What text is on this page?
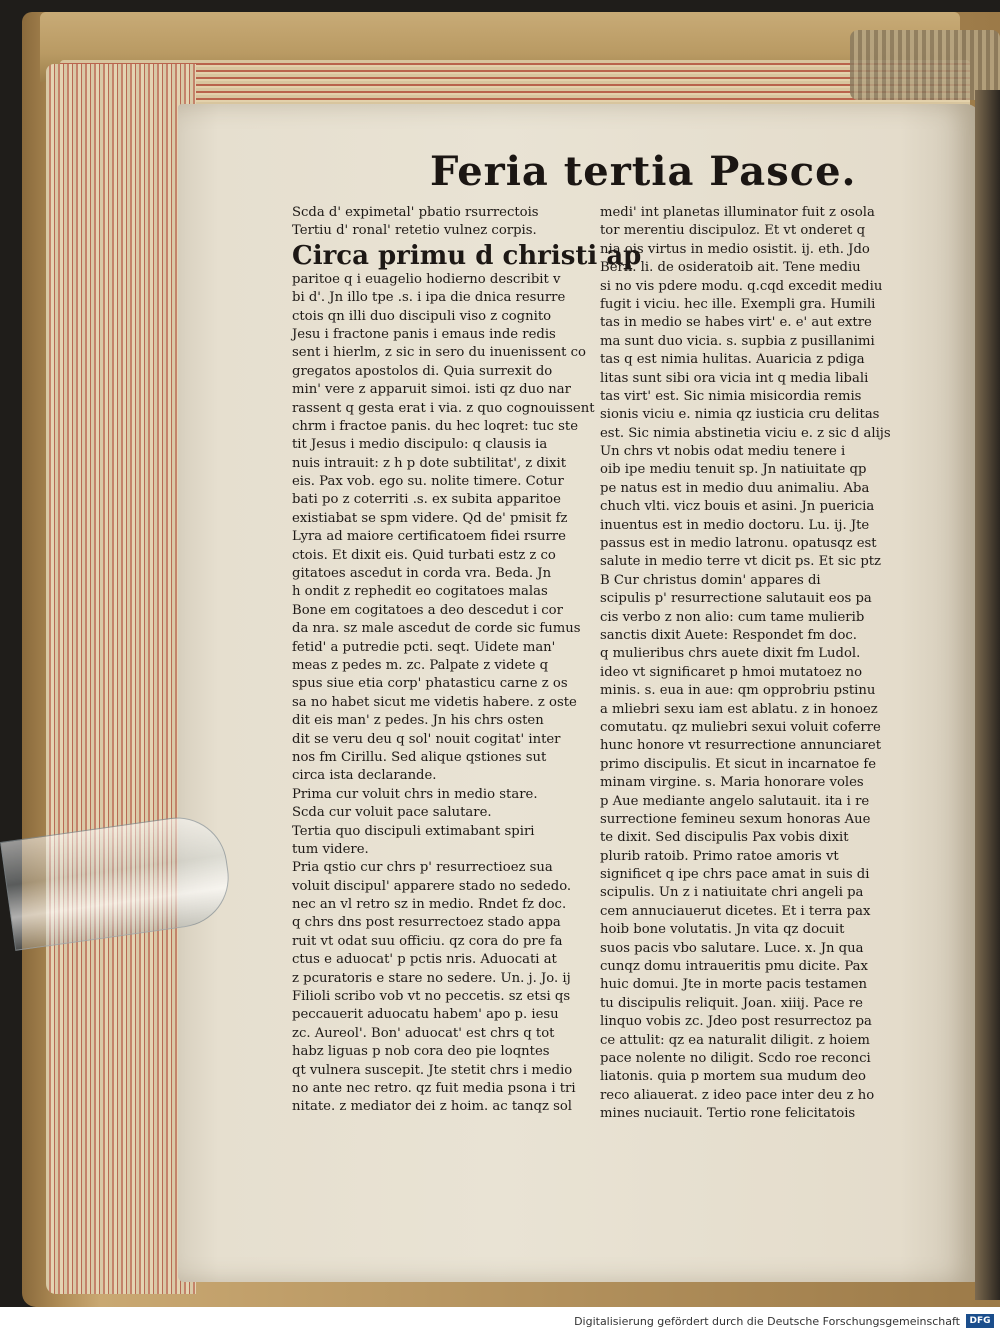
Feria tertia Pasce.
Scda d' expimetal' pbatio rsurrectois
Tertiu d' ronal' retetio vulnez corpis.
Circa primu d christi ap
paritoe q i euagelio hodierno describit v
bi d'. Jn illo tpe .s. i ipa die dnica resurre
ctois qn illi duo discipuli viso z cognito
Jesu i fractone panis i emaus inde redis
sent i hierlm, z sic in sero du inuenissent co
gregatos apostolos di. Quia surrexit do
min' vere z apparuit simoi. isti qz duo nar
rassent q gesta erat i via. z quo cognouissent
chrm i fractoe panis. du hec loqret: tuc ste
tit Jesus i medio discipulo: q clausis ia
nuis intrauit: z h p dote subtilitat', z dixit
eis. Pax vob. ego su. nolite timere. Cotur
bati po z coterriti .s. ex subita apparitoe
existiabat se spm videre. Qd de' pmisit fz
Lyra ad maiore certificatoem fidei rsurre
ctois. Et dixit eis. Quid turbati estz z co
gitatoes ascedut in corda vra. Beda. Jn
h ondit z rephedit eo cogitatoes malas
Bone em cogitatoes a deo descedut i cor
da nra. sz male ascedut de corde sic fumus
fetid' a putredie pcti. seqt. Uidete man'
meas z pedes m. zc. Palpate z videte q
spus siue etia corp' phatasticu carne z os
sa no habet sicut me videtis habere. z oste
dit eis man' z pedes. Jn his chrs osten
dit se veru deu q sol' nouit cogitat' inter
nos fm Cirillu. Sed alique qstiones sut
circa ista declarande.
Prima cur voluit chrs in medio stare.
Scda cur voluit pace salutare.
Tertia quo discipuli extimabant spiri
tum videre.
Pria qstio cur chrs p' resurrectioez sua
voluit discipul' apparere stado no sededo.
nec an vl retro sz in medio. Rndet fz doc.
q chrs dns post resurrectoez stado appa
ruit vt odat suu officiu. qz cora do pre fa
ctus e aduocat' p pctis nris. Aduocati at
z pcuratoris e stare no sedere. Un. j. Jo. ij
Filioli scribo vob vt no peccetis. sz etsi qs
peccauerit aduocatu habem' apo p. iesu
zc. Aureol'. Bon' aduocat' est chrs q tot
habz liguas p nob cora deo pie loqntes
qt vulnera suscepit. Jte stetit chrs i medio
no ante nec retro. qz fuit media psona i tri
nitate. z mediator dei z hoim. ac tanqz sol
medi' int planetas illuminator fuit z osola
tor merentiu discipuloz. Et vt onderet q
nia ois virtus in medio osistit. ij. eth. Jdo
Bern. li. de osideratoib ait. Tene mediu
si no vis pdere modu. q.cqd excedit mediu
fugit i viciu. hec ille. Exempli gra. Humili
tas in medio se habes virt' e. e' aut extre
ma sunt duo vicia. s. supbia z pusillanimi
tas q est nimia hulitas. Auaricia z pdiga
litas sunt sibi ora vicia int q media libali
tas virt' est. Sic nimia misicordia remis
sionis viciu e. nimia qz iusticia cru delitas
est. Sic nimia abstinetia viciu e. z sic d alijs
Un chrs vt nobis odat mediu tenere i
oib ipe mediu tenuit sp. Jn natiuitate qp
pe natus est in medio duu animaliu. Aba
chuch vlti. vicz bouis et asini. Jn puericia
inuentus est in medio doctoru. Lu. ij. Jte
passus est in medio latronu. opatusqz est
salute in medio terre vt dicit ps. Et sic ptz
B Cur christus domin' appares di
scipulis p' resurrectione salutauit eos pa
cis verbo z non alio: cum tame mulierib
sanctis dixit Auete: Respondet fm doc.
q mulieribus chrs auete dixit fm Ludol.
ideo vt significaret p hmoi mutatoez no
minis. s. eua in aue: qm opprobriu pstinu
a mliebri sexu iam est ablatu. z in honoez
comutatu. qz muliebri sexui voluit coferre
hunc honore vt resurrectione annunciaret
primo discipulis. Et sicut in incarnatoe fe
minam virgine. s. Maria honorare voles
p Aue mediante angelo salutauit. ita i re
surrectione femineu sexum honoras Aue
te dixit. Sed discipulis Pax vobis dixit
plurib ratoib. Primo ratoe amoris vt
significet q ipe chrs pace amat in suis di
scipulis. Un z i natiuitate chri angeli pa
cem annuciauerut dicetes. Et i terra pax
hoib bone volutatis. Jn vita qz docuit
suos pacis vbo salutare. Luce. x. Jn qua
cunqz domu intraueritis pmu dicite. Pax
huic domui. Jte in morte pacis testamen
tu discipulis reliquit. Joan. xiiij. Pace re
linquo vobis zc. Jdeo post resurrectoz pa
ce attulit: qz ea naturalit diligit. z hoiem
pace nolente no diligit. Scdo roe reconci
liatonis. quia p mortem sua mudum deo
reco aliauerat. z ideo pace inter deu z ho
mines nuciauit. Tertio rone felicitatois
Digitalisierung gefördert durch die Deutsche Forschungsgemeinschaft	DFG
